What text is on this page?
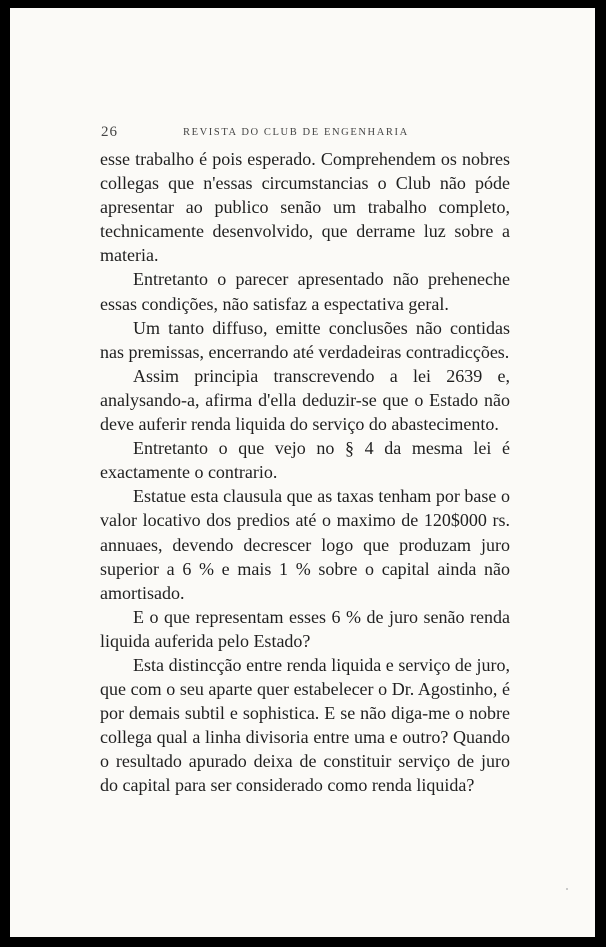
26	REVISTA DO CLUB DE ENGENHARIA

esse trabalho é pois esperado. Comprehendem os nobres collegas que n'essas circumstancias o Club não póde apresentar ao publico senão um trabalho completo, technicamente desenvolvido, que derrame luz sobre a materia.

Entretanto o parecer apresentado não preheneche essas condições, não satisfaz a espectativa geral.

Um tanto diffuso, emitte conclusões não contidas nas premissas, encerrando até verdadeiras contradicções.

Assim principia transcrevendo a lei 2639 e, analysando-a, afirma d'ella deduzir-se que o Estado não deve auferir renda liquida do serviço do abastecimento.

Entretanto o que vejo no § 4 da mesma lei é exactamente o contrario.

Estatue esta clausula que as taxas tenham por base o valor locativo dos predios até o maximo de 120$000 rs. annuaes, devendo decrescer logo que produzam juro superior a 6 % e mais 1 % sobre o capital ainda não amortisado.

E o que representam esses 6 % de juro senão renda liquida auferida pelo Estado?

Esta distincção entre renda liquida e serviço de juro, que com o seu aparte quer estabelecer o Dr. Agostinho, é por demais subtil e sophistica. E se não diga-me o nobre collega qual a linha divisoria entre uma e outro? Quando o resultado apurado deixa de constituir serviço de juro do capital para ser considerado como renda liquida?
